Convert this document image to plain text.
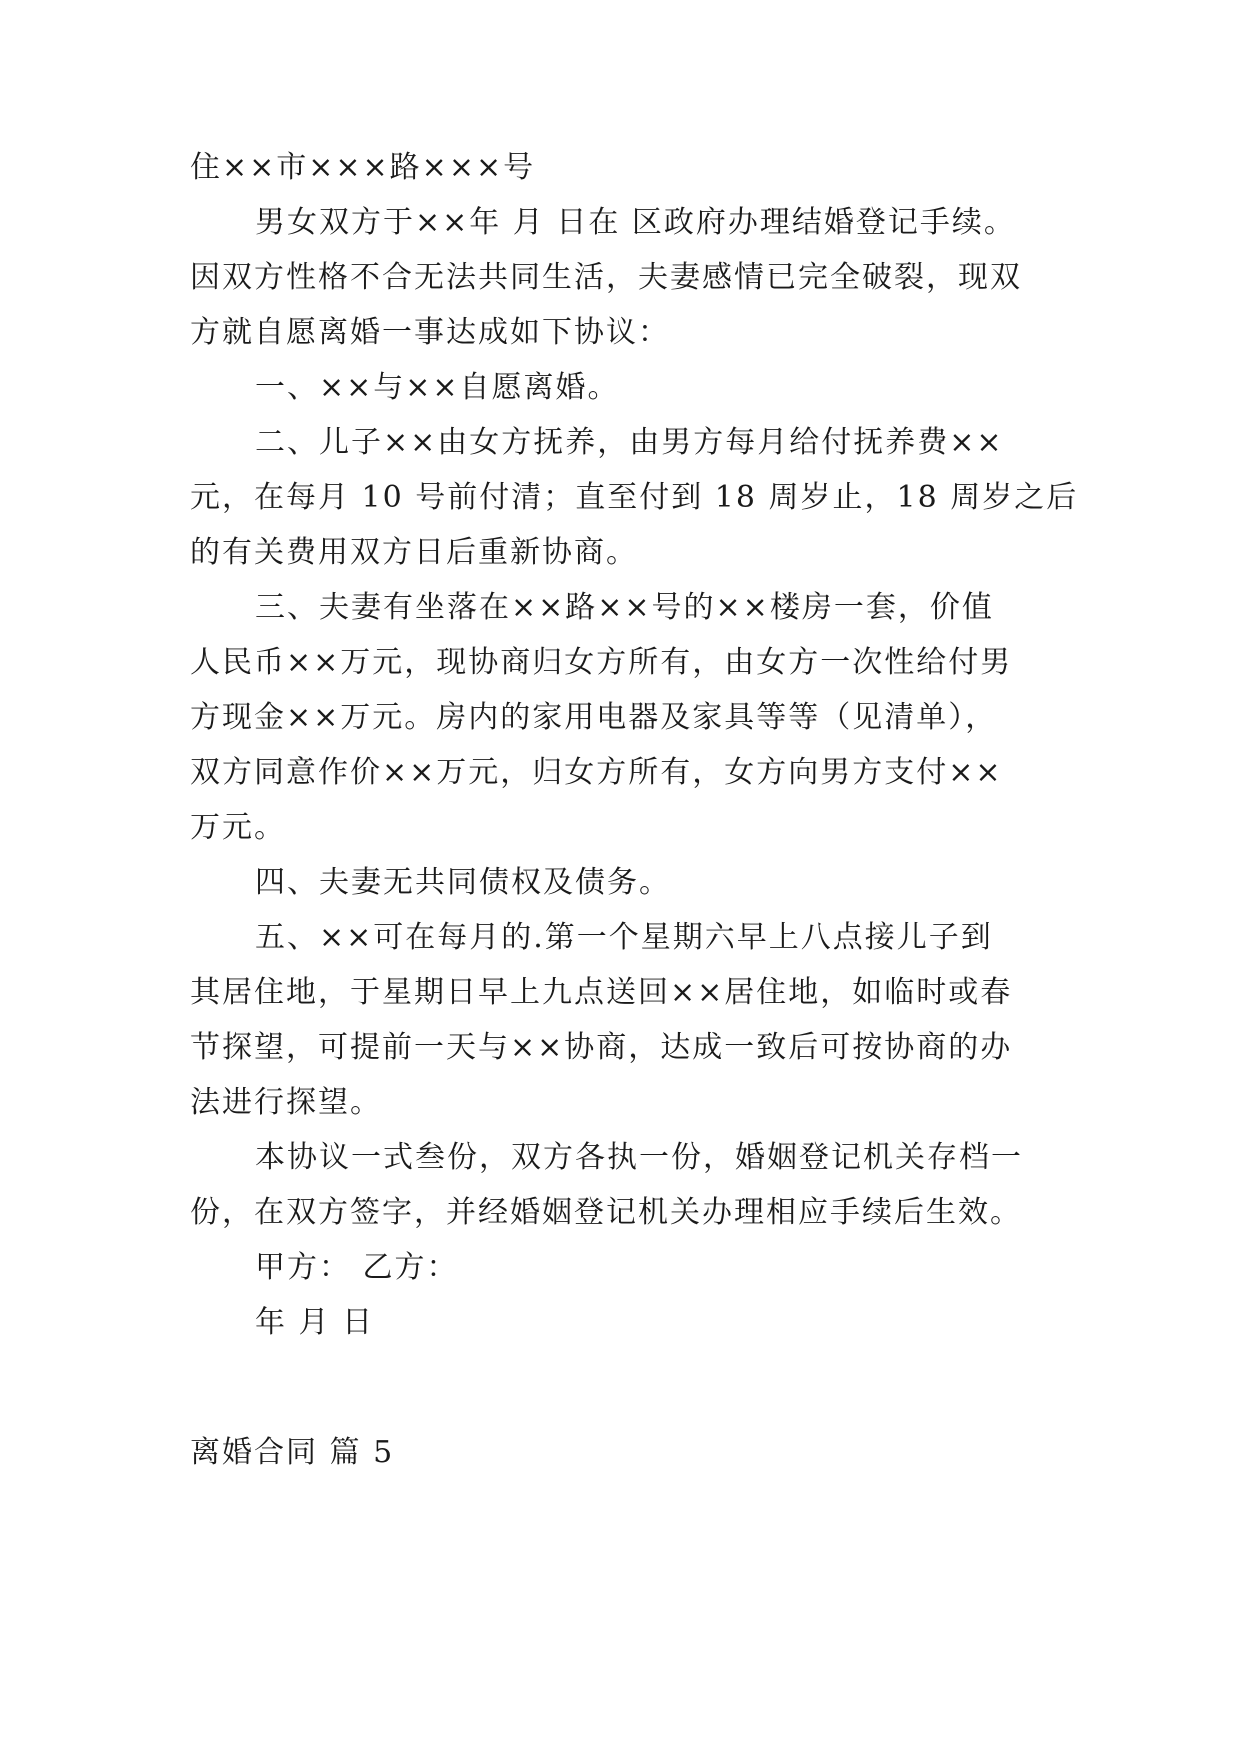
住××市×××路×××号
男女双方于××年 月 日在 区政府办理结婚登记手续。
因双方性格不合无法共同生活，夫妻感情已完全破裂，现双
方就自愿离婚一事达成如下协议：
一、××与××自愿离婚。
二、儿子××由女方抚养，由男方每月给付抚养费××
元，在每月 10 号前付清；直至付到 18 周岁止，18 周岁之后
的有关费用双方日后重新协商。
三、夫妻有坐落在××路××号的××楼房一套，价值
人民币××万元，现协商归女方所有，由女方一次性给付男
方现金××万元。房内的家用电器及家具等等（见清单），
双方同意作价××万元，归女方所有，女方向男方支付××
万元。
四、夫妻无共同债权及债务。
五、××可在每月的.第一个星期六早上八点接儿子到
其居住地，于星期日早上九点送回××居住地，如临时或春
节探望，可提前一天与××协商，达成一致后可按协商的办
法进行探望。
本协议一式叁份，双方各执一份，婚姻登记机关存档一
份，在双方签字，并经婚姻登记机关办理相应手续后生效。
甲方： 乙方：
年 月 日
离婚合同 篇 5
